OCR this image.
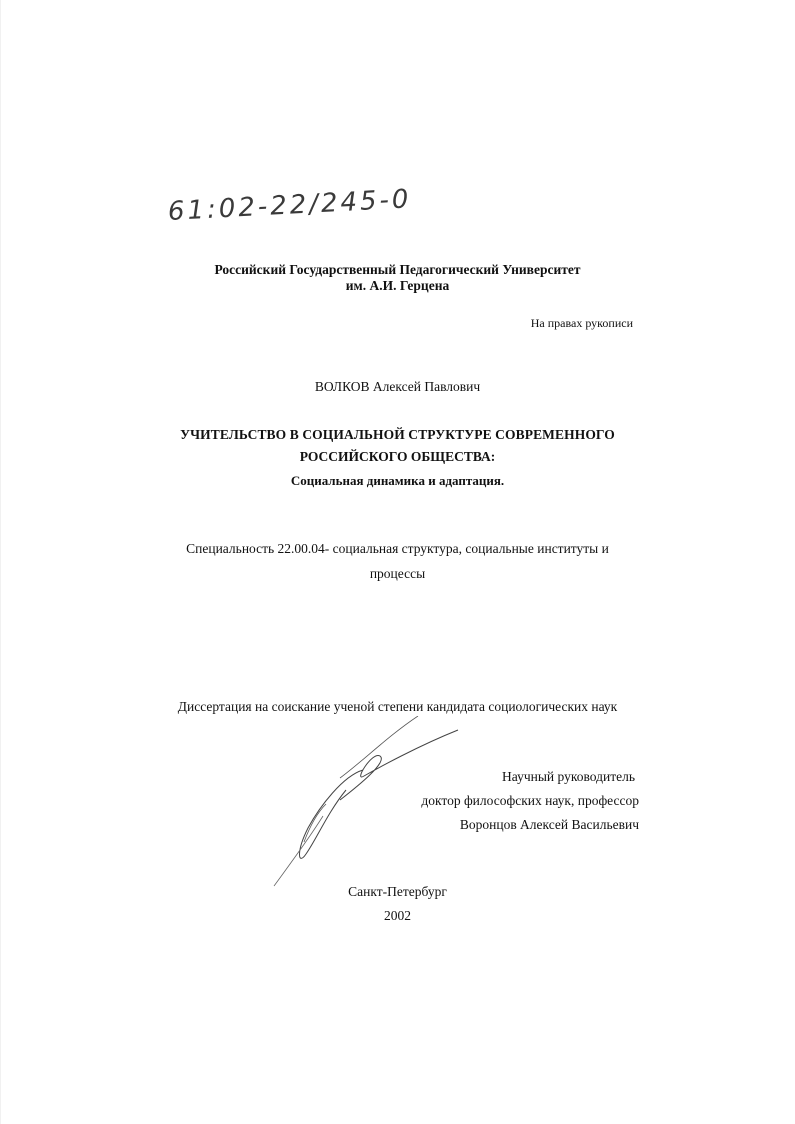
61:02-22/245-0
Российский Государственный Педагогический Университет
им. А.И. Герцена
На правах рукописи
ВОЛКОВ Алексей Павлович
УЧИТЕЛЬСТВО В СОЦИАЛЬНОЙ СТРУКТУРЕ СОВРЕМЕННОГО
РОССИЙСКОГО ОБЩЕСТВА:
Социальная динамика и адаптация.
Специальность 22.00.04- социальная структура, социальные институты и
процессы
Диссертация на соискание ученой степени кандидата социологических наук
Научный руководитель
доктор философских наук, профессор
Воронцов Алексей Васильевич
Санкт-Петербург
2002
